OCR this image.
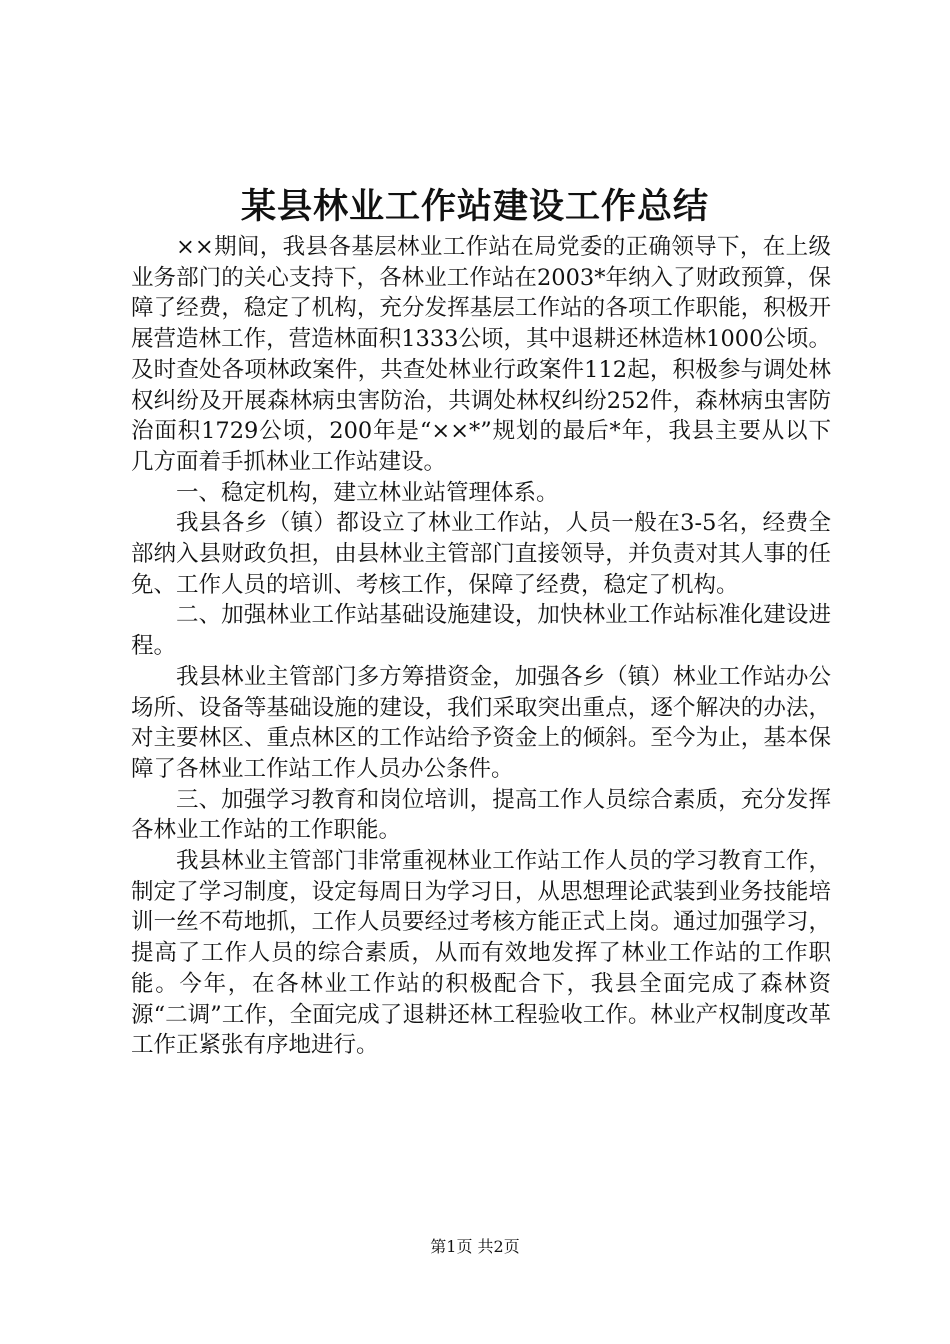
某县林业工作站建设工作总结

××期间，我县各基层林业工作站在局党委的正确领导下，在上级业务部门的关心支持下，各林业工作站在2003*年纳入了财政预算，保障了经费，稳定了机构，充分发挥基层工作站的各项工作职能，积极开展营造林工作，营造林面积1333公顷，其中退耕还林造林1000公顷。及时查处各项林政案件，共查处林业行政案件112起，积极参与调处林权纠纷及开展森林病虫害防治，共调处林权纠纷252件，森林病虫害防治面积1729公顷，200年是“××*”规划的最后*年，我县主要从以下几方面着手抓林业工作站建设。

一、稳定机构，建立林业站管理体系。

我县各乡（镇）都设立了林业工作站，人员一般在3-5名，经费全部纳入县财政负担，由县林业主管部门直接领导，并负责对其人事的任免、工作人员的培训、考核工作，保障了经费，稳定了机构。

二、加强林业工作站基础设施建设，加快林业工作站标准化建设进程。

我县林业主管部门多方筹措资金，加强各乡（镇）林业工作站办公场所、设备等基础设施的建设，我们采取突出重点，逐个解决的办法，对主要林区、重点林区的工作站给予资金上的倾斜。至今为止，基本保障了各林业工作站工作人员办公条件。

三、加强学习教育和岗位培训，提高工作人员综合素质，充分发挥各林业工作站的工作职能。

我县林业主管部门非常重视林业工作站工作人员的学习教育工作，制定了学习制度，设定每周日为学习日，从思想理论武装到业务技能培训一丝不苟地抓，工作人员要经过考核方能正式上岗。通过加强学习，提高了工作人员的综合素质，从而有效地发挥了林业工作站的工作职能。今年，在各林业工作站的积极配合下，我县全面完成了森林资源“二调”工作，全面完成了退耕还林工程验收工作。林业产权制度改革工作正紧张有序地进行。

第1页 共2页
